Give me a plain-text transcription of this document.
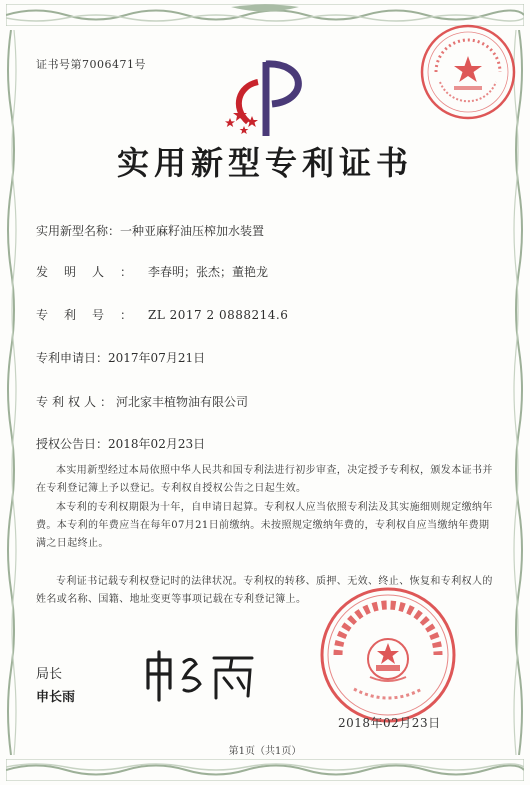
证书号第7006471号
实用新型专利证书
实用新型名称：一种亚麻籽油压榨加水装置
发明人：李春明；张杰；董艳龙
专利号：ZL 2017 2 0888214.6
专利申请日：2017年07月21日
专利权人：河北家丰植物油有限公司
授权公告日：2018年02月23日
本实用新型经过本局依照中华人民共和国专利法进行初步审查，决定授予专利权，颁发本证书并在专利登记簿上予以登记。专利权自授权公告之日起生效。
本专利的专利权期限为十年，自申请日起算。专利权人应当依照专利法及其实施细则规定缴纳年费。本专利的年费应当在每年07月21日前缴纳。未按照规定缴纳年费的，专利权自应当缴纳年费期满之日起终止。
专利证书记载专利权登记时的法律状况。专利权的转移、质押、无效、终止、恢复和专利权人的姓名或名称、国籍、地址变更等事项记载在专利登记簿上。
局长
申长雨
2018年02月23日
第1页（共1页）
